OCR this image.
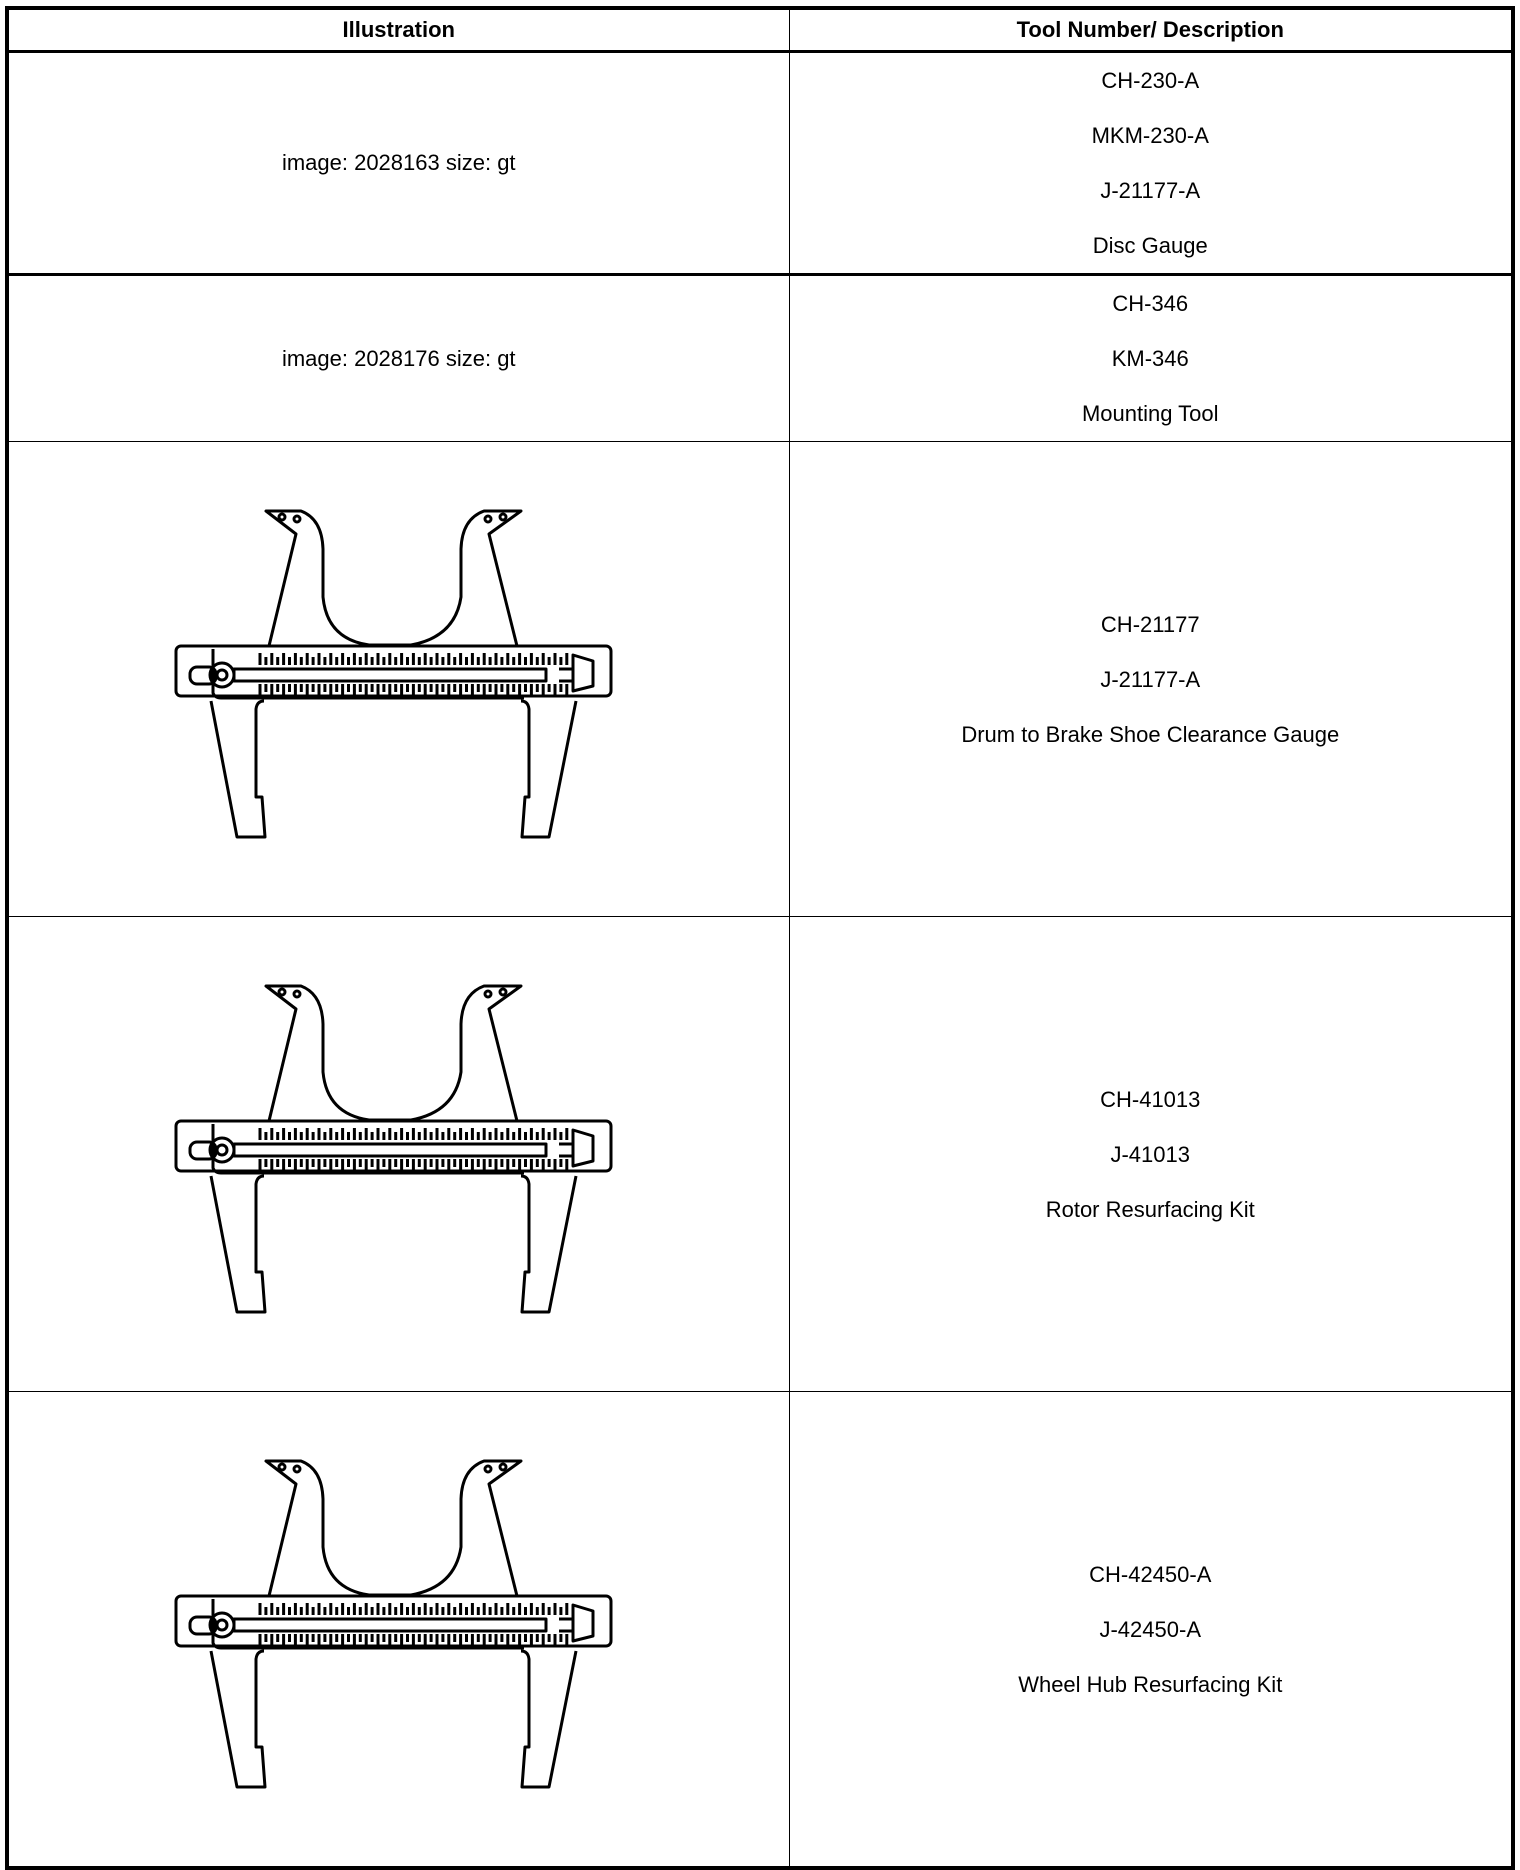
Illustration	Tool Number/ Description
image: 2028163 size: gt	CH-230-A
MKM-230-A
J-21177-A
Disc Gauge

image: 2028176 size: gt	CH-346
KM-346
Mounting Tool

CH-21177
J-21177-A
Drum to Brake Shoe Clearance Gauge

CH-41013
J-41013
Rotor Resurfacing Kit

CH-42450-A
J-42450-A
Wheel Hub Resurfacing Kit
